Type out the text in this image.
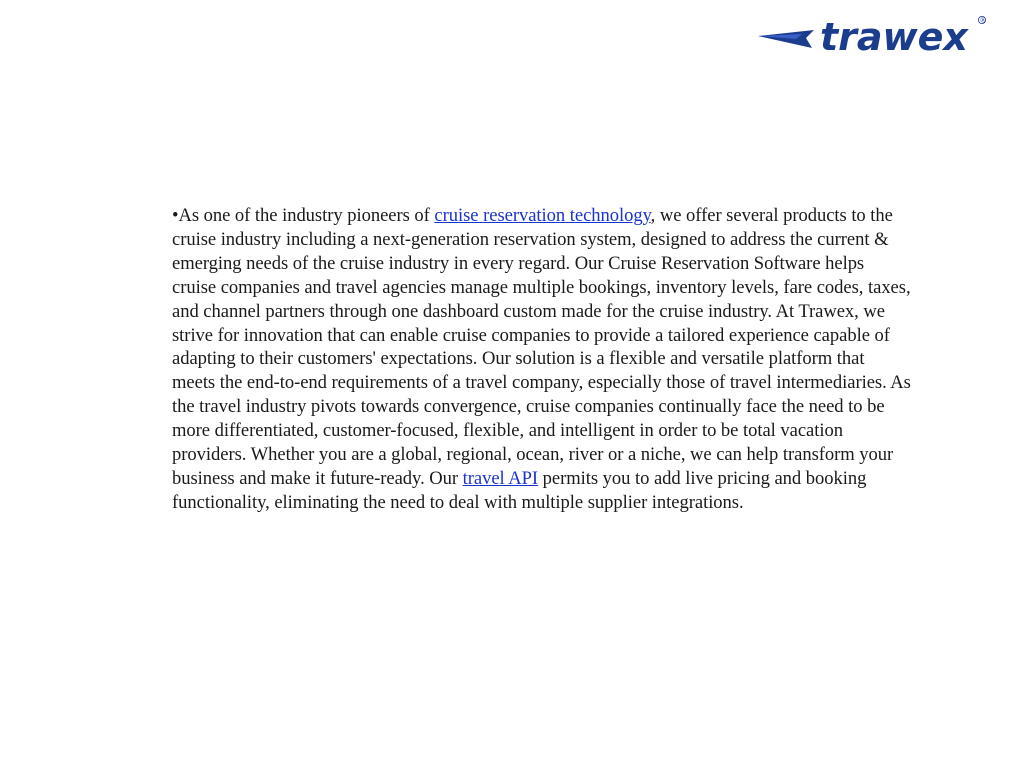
trawex ®
•As one of the industry pioneers of cruise reservation technology, we offer several products to the cruise industry including a next-generation reservation system, designed to address the current & emerging needs of the cruise industry in every regard. Our Cruise Reservation Software helps cruise companies and travel agencies manage multiple bookings, inventory levels, fare codes, taxes, and channel partners through one dashboard custom made for the cruise industry. At Trawex, we strive for innovation that can enable cruise companies to provide a tailored experience capable of adapting to their customers' expectations. Our solution is a flexible and versatile platform that meets the end-to-end requirements of a travel company, especially those of travel intermediaries. As the travel industry pivots towards convergence, cruise companies continually face the need to be more differentiated, customer-focused, flexible, and intelligent in order to be total vacation providers. Whether you are a global, regional, ocean, river or a niche, we can help transform your business and make it future-ready. Our travel API permits you to add live pricing and booking functionality, eliminating the need to deal with multiple supplier integrations.
